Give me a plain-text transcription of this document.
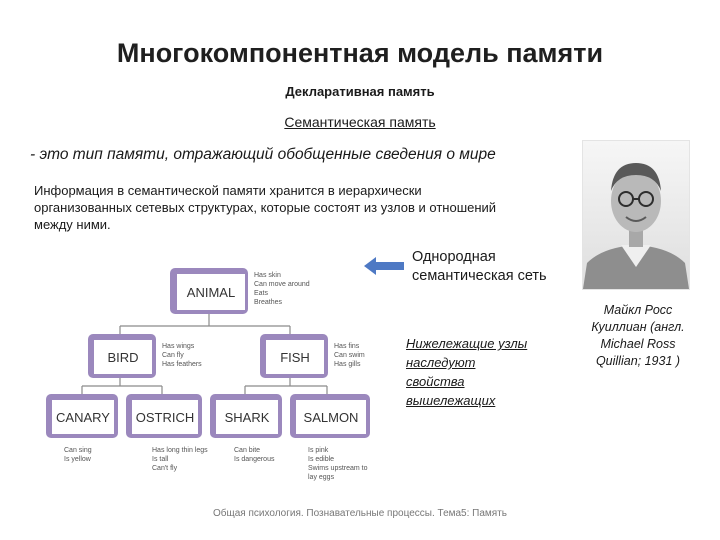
Многокомпонентная модель памяти
Декларативная память
Семантическая память
- это тип памяти, отражающий обобщенные сведения о мире
Информация в семантической памяти хранится в иерархически организованных сетевых структурах, которые состоят из узлов и отношений между ними.
Майкл Росс Куиллиан (англ. Michael Ross Quillian; 1931 )
Однородная семантическая сеть
Нижележащие узлы наследуют свойства вышележащих
ANIMAL
BIRD	FISH
CANARY OSTRICH SHARK	SALMON
Has skin
Can move around
Eats
Breathes
Has wings
Can fly
Has feathers
Has fins
Can swim
Has gills
Can sing
Is yellow
Has long thin legs
Is tall
Can't fly
Can bite
Is dangerous
Is pink
Is edible
Swims upstream to
lay eggs
Общая психология. Познавательные процессы. Тема5: Память
